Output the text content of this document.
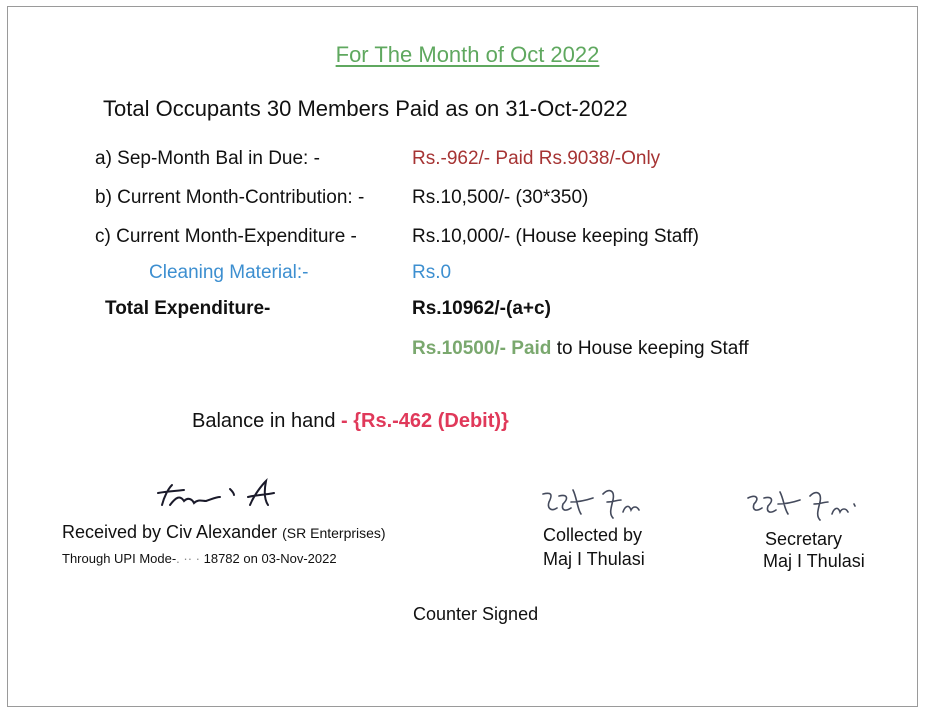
For The Month of Oct 2022
Total Occupants 30 Members Paid as on 31-Oct-2022
a) Sep-Month Bal in Due: -	Rs.-962/- Paid Rs.9038/-Only
b) Current Month-Contribution: -	Rs.10,500/- (30*350)
c) Current Month-Expenditure -	Rs.10,000/- (House keeping Staff)
Cleaning Material:-	Rs.0
Total Expenditure-	Rs.10962/-(a+c)
Rs.10500/- Paid to House keeping Staff
Balance in hand - {Rs.-462 (Debit)}
Received by Civ Alexander (SR Enterprises)
Through UPI Mode-. ·· · 18782 on 03-Nov-2022
Collected by
Maj I Thulasi
Secretary
Maj I Thulasi
Counter Signed
